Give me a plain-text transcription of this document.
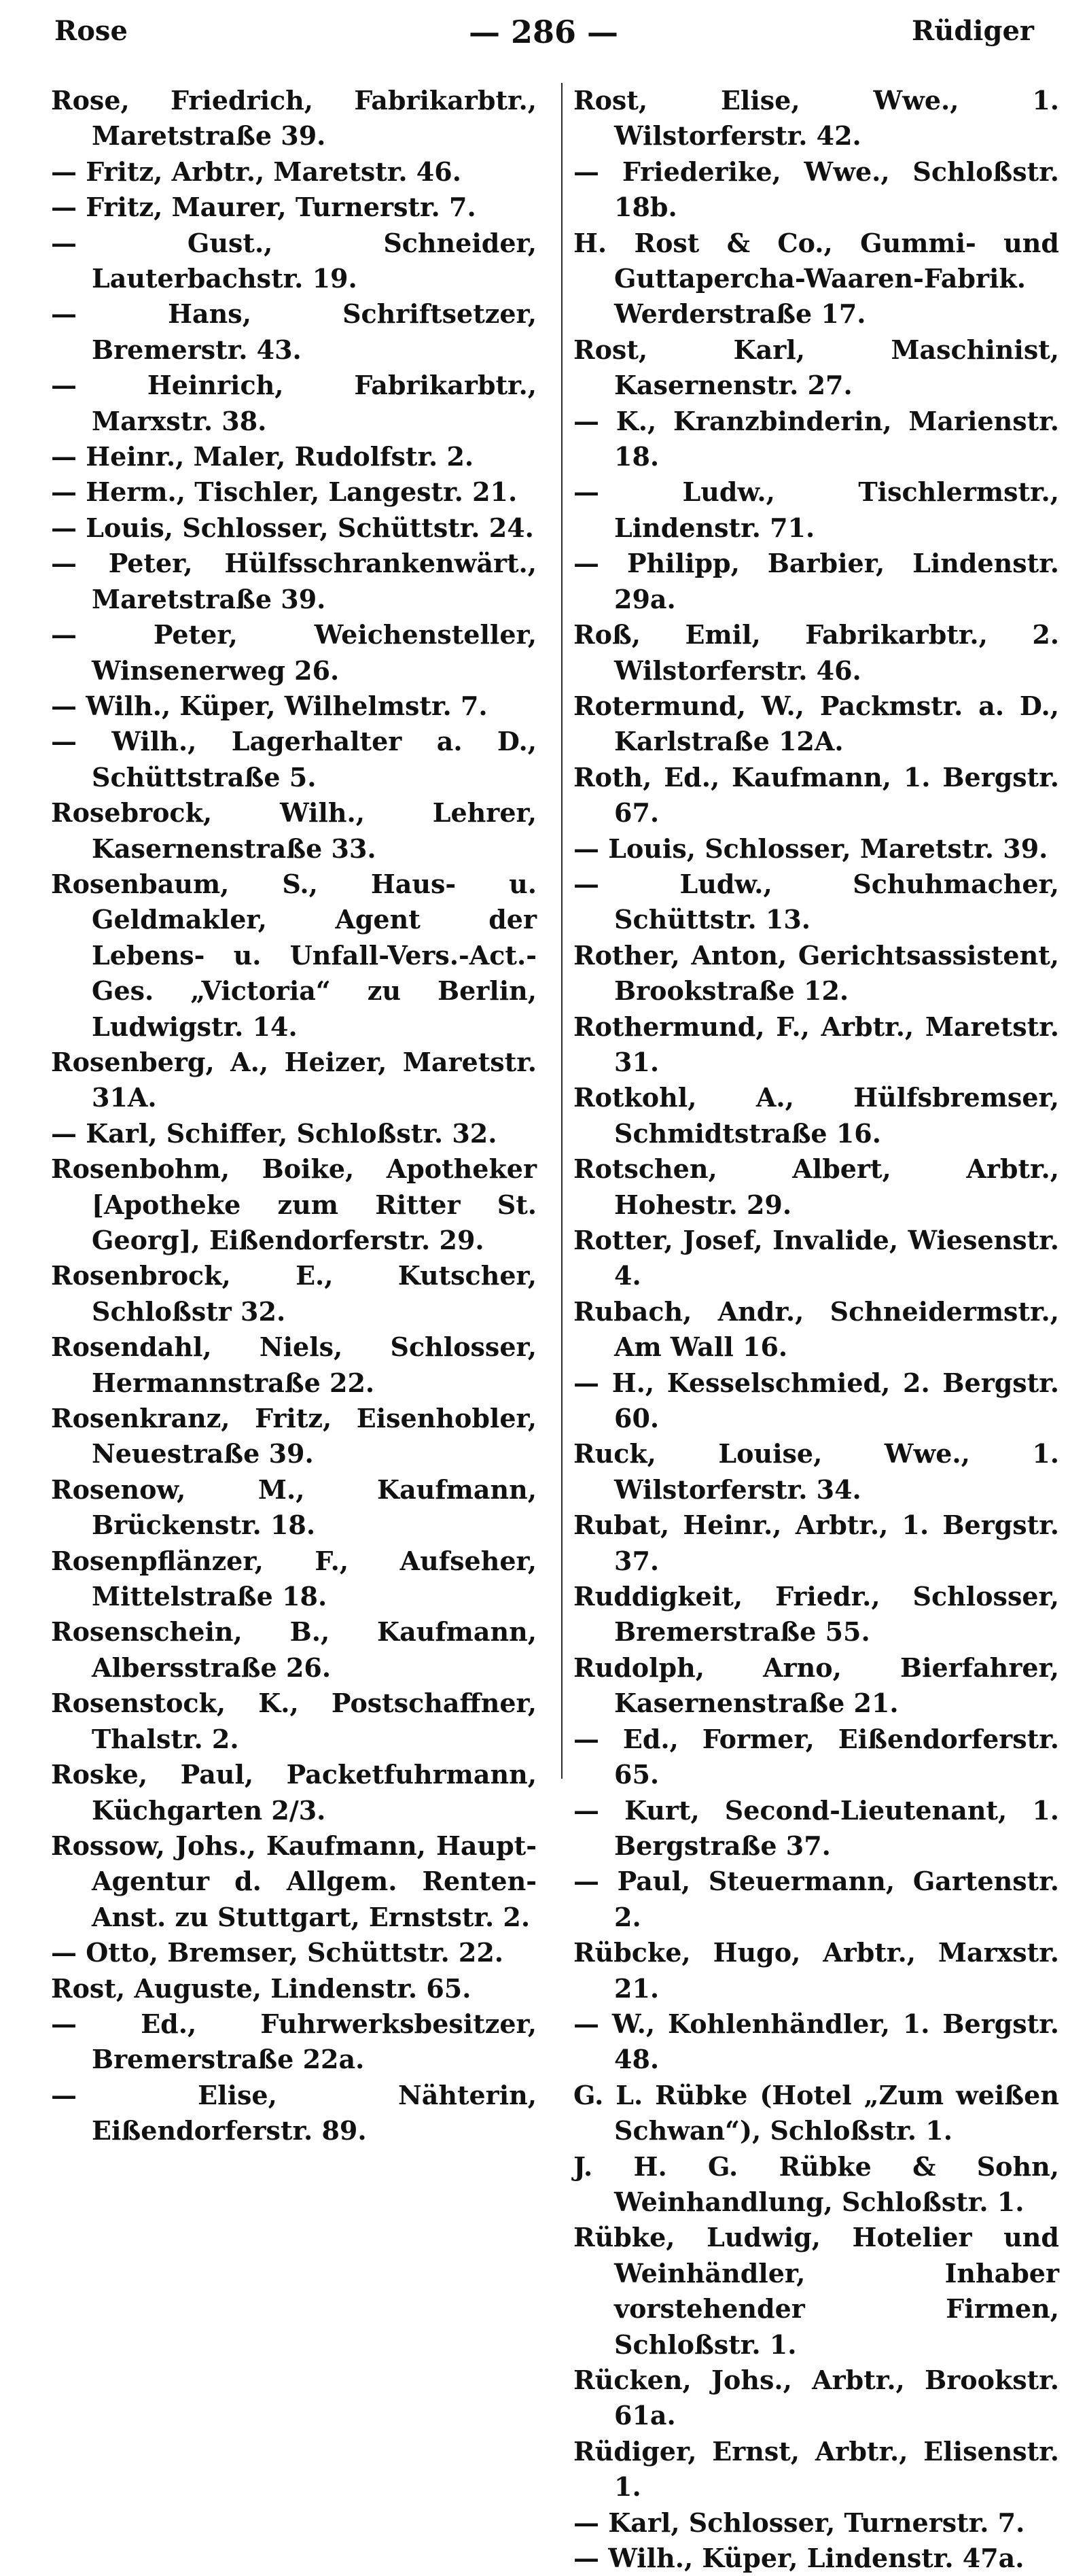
Rose	— 286 —	Rüdiger
Rose, Friedrich, Fabrikarbtr., Maretstraße 39.
— Fritz, Arbtr., Maretstr. 46.
— Fritz, Maurer, Turnerstr. 7.
— Gust., Schneider, Lauterbachstr. 19.
— Hans, Schriftsetzer, Bremerstr. 43.
— Heinrich, Fabrikarbtr., Marxstr. 38.
— Heinr., Maler, Rudolfstr. 2.
— Herm., Tischler, Langestr. 21.
— Louis, Schlosser, Schüttstr. 24.
— Peter, Hülfsschrankenwärt., Maretstraße 39.
— Peter, Weichensteller, Winsenerweg 26.
— Wilh., Küper, Wilhelmstr. 7.
— Wilh., Lagerhalter a. D., Schüttstraße 5.
Rosebrock, Wilh., Lehrer, Kasernenstraße 33.
Rosenbaum, S., Haus- u. Geldmakler, Agent der Lebens- u. Unfall-Vers.-Act.-Ges. „Victoria“ zu Berlin, Ludwigstr. 14.
Rosenberg, A., Heizer, Maretstr. 31A.
— Karl, Schiffer, Schloßstr. 32.
Rosenbohm, Boike, Apotheker [Apotheke zum Ritter St. Georg], Eißendorferstr. 29.
Rosenbrock, E., Kutscher, Schloßstr 32.
Rosendahl, Niels, Schlosser, Hermannstraße 22.
Rosenkranz, Fritz, Eisenhobler, Neuestraße 39.
Rosenow, M., Kaufmann, Brückenstr. 18.
Rosenpflänzer, F., Aufseher, Mittelstraße 18.
Rosenschein, B., Kaufmann, Albersstraße 26.
Rosenstock, K., Postschaffner, Thalstr. 2.
Roske, Paul, Packetfuhrmann, Küchgarten 2/3.
Rossow, Johs., Kaufmann, Haupt-Agentur d. Allgem. Renten-Anst. zu Stuttgart, Ernststr. 2.
— Otto, Bremser, Schüttstr. 22.
Rost, Auguste, Lindenstr. 65.
— Ed., Fuhrwerksbesitzer, Bremerstraße 22a.
— Elise, Nähterin, Eißendorferstr. 89.
Rost, Elise, Wwe., 1. Wilstorferstr. 42.
— Friederike, Wwe., Schloßstr. 18b.
H. Rost & Co., Gummi- und Guttapercha-Waaren-Fabrik. Werderstraße 17.
Rost, Karl, Maschinist, Kasernenstr. 27.
— K., Kranzbinderin, Marienstr. 18.
— Ludw., Tischlermstr., Lindenstr. 71.
— Philipp, Barbier, Lindenstr. 29a.
Roß, Emil, Fabrikarbtr., 2. Wilstorferstr. 46.
Rotermund, W., Packmstr. a. D., Karlstraße 12A.
Roth, Ed., Kaufmann, 1. Bergstr. 67.
— Louis, Schlosser, Maretstr. 39.
— Ludw., Schuhmacher, Schüttstr. 13.
Rother, Anton, Gerichtsassistent, Brookstraße 12.
Rothermund, F., Arbtr., Maretstr. 31.
Rotkohl, A., Hülfsbremser, Schmidtstraße 16.
Rotschen, Albert, Arbtr., Hohestr. 29.
Rotter, Josef, Invalide, Wiesenstr. 4.
Rubach, Andr., Schneidermstr., Am Wall 16.
— H., Kesselschmied, 2. Bergstr. 60.
Ruck, Louise, Wwe., 1. Wilstorferstr. 34.
Rubat, Heinr., Arbtr., 1. Bergstr. 37.
Ruddigkeit, Friedr., Schlosser, Bremerstraße 55.
Rudolph, Arno, Bierfahrer, Kasernenstraße 21.
— Ed., Former, Eißendorferstr. 65.
— Kurt, Second-Lieutenant, 1. Bergstraße 37.
— Paul, Steuermann, Gartenstr. 2.
Rübcke, Hugo, Arbtr., Marxstr. 21.
— W., Kohlenhändler, 1. Bergstr. 48.
G. L. Rübke (Hotel „Zum weißen Schwan“), Schloßstr. 1.
J. H. G. Rübke & Sohn, Weinhandlung, Schloßstr. 1.
Rübke, Ludwig, Hotelier und Weinhändler, Inhaber vorstehender Firmen, Schloßstr. 1.
Rücken, Johs., Arbtr., Brookstr. 61a.
Rüdiger, Ernst, Arbtr., Elisenstr. 1.
— Karl, Schlosser, Turnerstr. 7.
— Wilh., Küper, Lindenstr. 47a.
